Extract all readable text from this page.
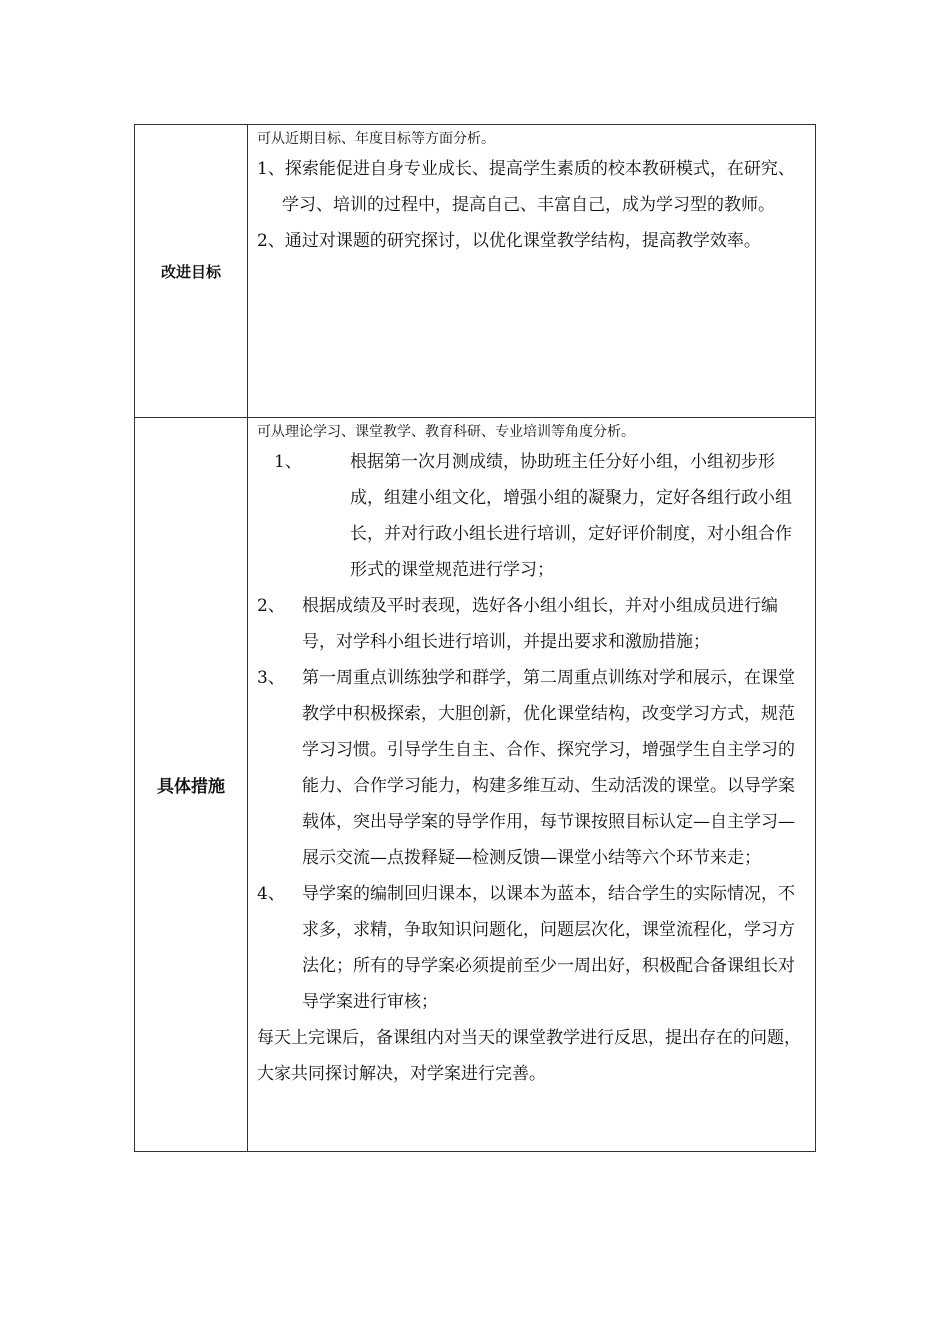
改进目标
可从近期目标、年度目标等方面分析。
1、探索能促进自身专业成长、提高学生素质的校本教研模式，在研究、学习、培训的过程中，提高自己、丰富自己，成为学习型的教师。
2、通过对课题的研究探讨，以优化课堂教学结构，提高教学效率。
具体措施
可从理论学习、课堂教学、教育科研、专业培训等角度分析。
1、	根据第一次月测成绩，协助班主任分好小组，小组初步形成，组建小组文化，增强小组的凝聚力，定好各组行政小组长，并对行政小组长进行培训，定好评价制度，对小组合作形式的课堂规范进行学习；
2、	根据成绩及平时表现，选好各小组小组长，并对小组成员进行编号，对学科小组长进行培训，并提出要求和激励措施；
3、	第一周重点训练独学和群学，第二周重点训练对学和展示，在课堂教学中积极探索，大胆创新，优化课堂结构，改变学习方式，规范学习习惯。引导学生自主、合作、探究学习，增强学生自主学习的能力、合作学习能力，构建多维互动、生动活泼的课堂。以导学案载体，突出导学案的导学作用，每节课按照目标认定—自主学习—展示交流—点拨释疑—检测反馈—课堂小结等六个环节来走；
4、	导学案的编制回归课本，以课本为蓝本，结合学生的实际情况，不求多，求精，争取知识问题化，问题层次化，课堂流程化，学习方法化；所有的导学案必须提前至少一周出好，积极配合备课组长对导学案进行审核；
每天上完课后，备课组内对当天的课堂教学进行反思，提出存在的问题，大家共同探讨解决，对学案进行完善。
